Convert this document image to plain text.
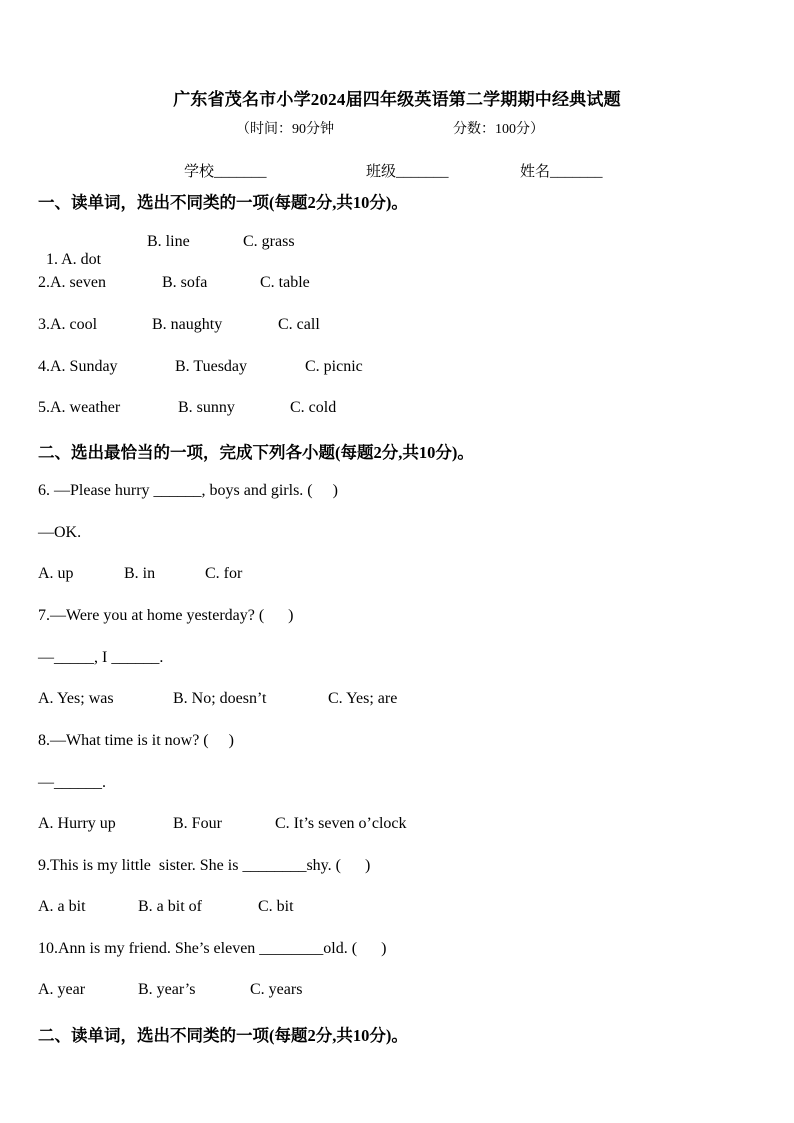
广东省茂名市小学2024届四年级英语第二学期期中经典试题
（时间：90分钟	分数：100分）
学校_______	班级_______	姓名_______
一、读单词，选出不同类的一项(每题2分,共10分)。

1. A. dot

B. line	C. grass
2.A. seven	B. sofa	C. table
3.A. cool	B. naughty	C. call
4.A. Sunday	B. Tuesday	C. picnic
5.A. weather	B. sunny	C. cold
二、选出最恰当的一项，完成下列各小题(每题2分,共10分)。
6. —Please hurry ______, boys and girls. (     )
—OK.
A. up	B. in	C. for
7.—Were you at home yesterday? (      )
—_____, I ______.
A. Yes; was	B. No; doesn’t	C. Yes; are
8.—What time is it now? (     )
—______.
A. Hurry up	B. Four	C. It’s seven o’clock
9.This is my little  sister. She is ________shy. (      )
A. a bit	B. a bit of	C. bit
10.Ann is my friend. She’s eleven ________old. (      )
A. year	B. year’s	C. years
二、读单词，选出不同类的一项(每题2分,共10分)。
